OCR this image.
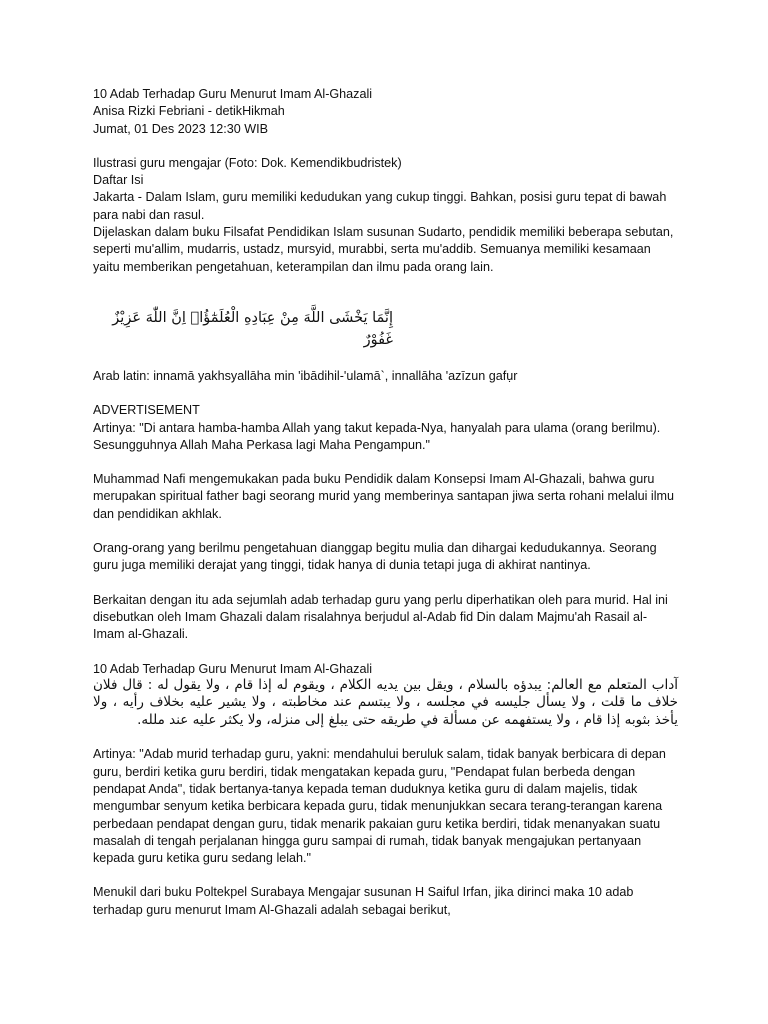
10 Adab Terhadap Guru Menurut Imam Al-Ghazali

Anisa Rizki Febriani - detikHikmah

Jumat, 01 Des 2023 12:30 WIB

Ilustrasi guru mengajar (Foto: Dok. Kemendikbudristek)

Daftar Isi

Jakarta - Dalam Islam, guru memiliki kedudukan yang cukup tinggi. Bahkan, posisi guru tepat di bawah para nabi dan rasul.

Dijelaskan dalam buku Filsafat Pendidikan Islam susunan Sudarto, pendidik memiliki beberapa sebutan, seperti mu'allim, mudarris, ustadz, mursyid, murabbi, serta mu'addib. Semuanya memiliki kesamaan yaitu memberikan pengetahuan, keterampilan dan ilmu pada orang lain.

إِنَّمَا يَخْشَى اللَّهَ مِنْ عِبَادِهِ الْعُلَمٰٓؤُاۗ اِنَّ اللّٰهَ عَزِيْزٌ غَفُوْرٌ

Arab latin: innamā yakhsyallāha min 'ibādihil-'ulamā`, innallāha 'azīzun gafụr

ADVERTISEMENT

Artinya: "Di antara hamba-hamba Allah yang takut kepada-Nya, hanyalah para ulama (orang berilmu). Sesungguhnya Allah Maha Perkasa lagi Maha Pengampun."

Muhammad Nafi mengemukakan pada buku Pendidik dalam Konsepsi Imam Al-Ghazali, bahwa guru merupakan spiritual father bagi seorang murid yang memberinya santapan jiwa serta rohani melalui ilmu dan pendidikan akhlak.

Orang-orang yang berilmu pengetahuan dianggap begitu mulia dan dihargai kedudukannya. Seorang guru juga memiliki derajat yang tinggi, tidak hanya di dunia tetapi juga di akhirat nantinya.

Berkaitan dengan itu ada sejumlah adab terhadap guru yang perlu diperhatikan oleh para murid. Hal ini disebutkan oleh Imam Ghazali dalam risalahnya berjudul al-Adab fid Din dalam Majmu'ah Rasail al-Imam al-Ghazali.

10 Adab Terhadap Guru Menurut Imam Al-Ghazali

آداب المتعلم مع العالم: يبدؤه بالسلام ، ويقل بين يديه الكلام ، ويقوم له إذا قام ، ولا يقول له : قال فلان خلاف ما قلت ، ولا يسأل جليسه في مجلسه ، ولا يبتسم عند مخاطبته ، ولا يشير عليه بخلاف رأيه ، ولا يأخذ بثوبه إذا قام ، ولا يستفهمه عن مسألة في طريقه حتى يبلغ إلى منزله، ولا يكثر عليه عند ملله.

Artinya: "Adab murid terhadap guru, yakni: mendahului beruluk salam, tidak banyak berbicara di depan guru, berdiri ketika guru berdiri, tidak mengatakan kepada guru, "Pendapat fulan berbeda dengan pendapat Anda", tidak bertanya-tanya kepada teman duduknya ketika guru di dalam majelis, tidak mengumbar senyum ketika berbicara kepada guru, tidak menunjukkan secara terang-terangan karena perbedaan pendapat dengan guru, tidak menarik pakaian guru ketika berdiri, tidak menanyakan suatu masalah di tengah perjalanan hingga guru sampai di rumah, tidak banyak mengajukan pertanyaan kepada guru ketika guru sedang lelah."

Menukil dari buku Poltekpel Surabaya Mengajar susunan H Saiful Irfan, jika dirinci maka 10 adab terhadap guru menurut Imam Al-Ghazali adalah sebagai berikut,
